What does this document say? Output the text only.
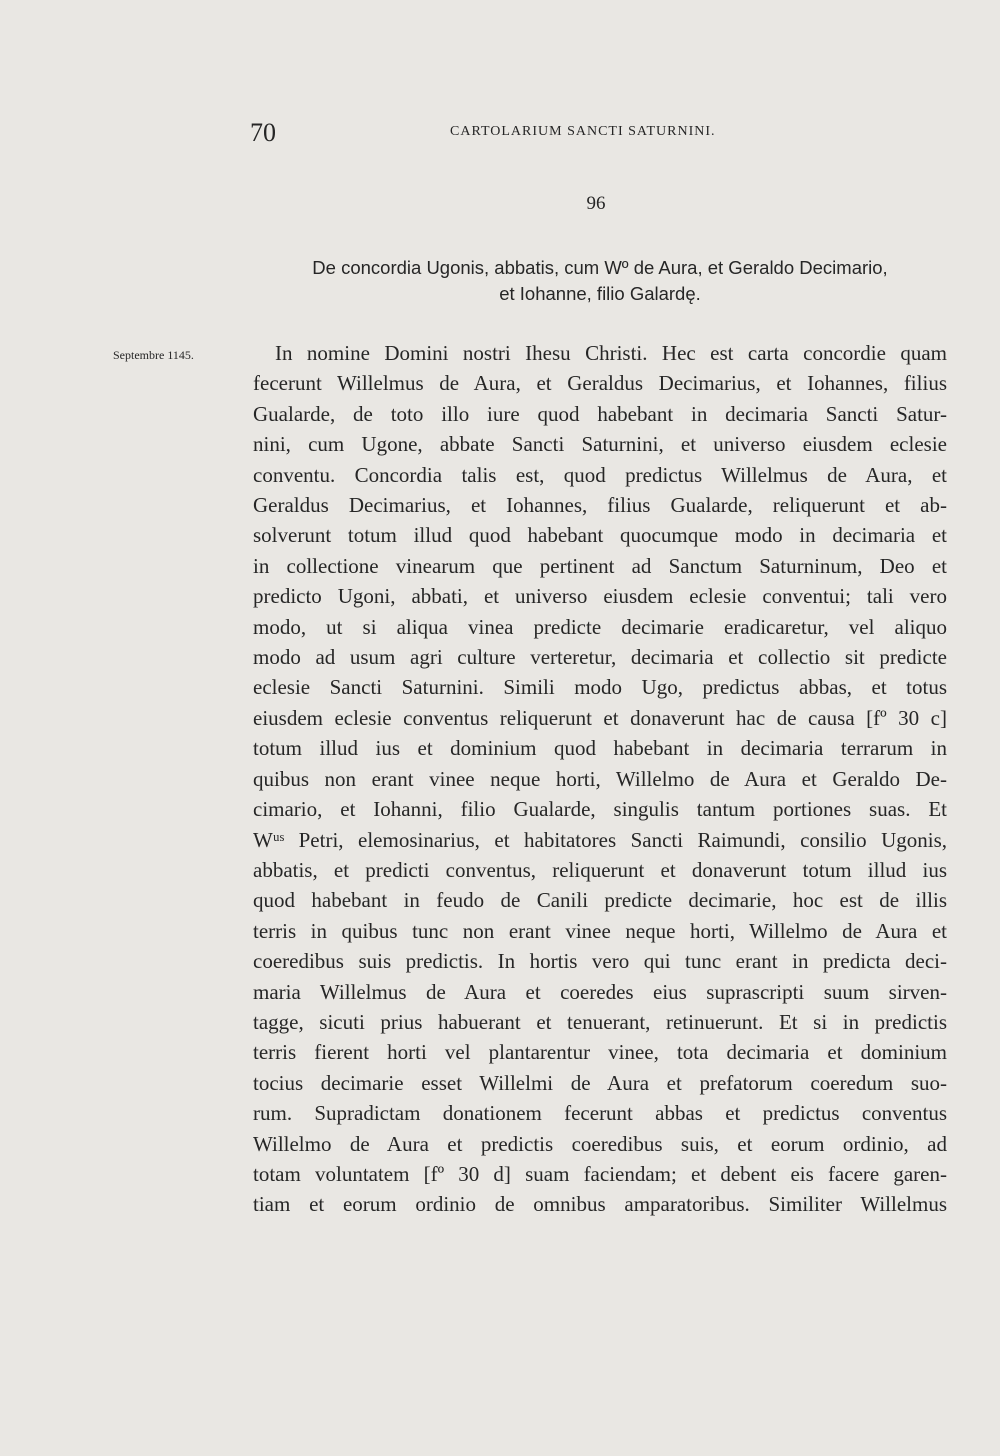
70	CARTOLARIUM SANCTI SATURNINI.
96
De concordia Ugonis, abbatis, cum Wº de Aura, et Geraldo Decimario,
et Iohanne, filio Galardę.
Septembre 1145.	In nomine Domini nostri Ihesu Christi. Hec est carta concordie quam
fecerunt Willelmus de Aura, et Geraldus Decimarius, et Iohannes, filius
Gualarde, de toto illo iure quod habebant in decimaria Sancti Satur-
nini, cum Ugone, abbate Sancti Saturnini, et universo eiusdem eclesie
conventu. Concordia talis est, quod predictus Willelmus de Aura, et
Geraldus Decimarius, et Iohannes, filius Gualarde, reliquerunt et ab-
solverunt totum illud quod habebant quocumque modo in decimaria et
in collectione vinearum que pertinent ad Sanctum Saturninum, Deo et
predicto Ugoni, abbati, et universo eiusdem eclesie conventui; tali vero
modo, ut si aliqua vinea predicte decimarie eradicaretur, vel aliquo
modo ad usum agri culture verteretur, decimaria et collectio sit predicte
eclesie Sancti Saturnini. Simili modo Ugo, predictus abbas, et totus
eiusdem eclesie conventus reliquerunt et donaverunt hac de causa [fº 30 c]
totum illud ius et dominium quod habebant in decimaria terrarum in
quibus non erant vinee neque horti, Willelmo de Aura et Geraldo De-
cimario, et Iohanni, filio Gualarde, singulis tantum portiones suas. Et
Wᵘˢ Petri, elemosinarius, et habitatores Sancti Raimundi, consilio Ugonis,
abbatis, et predicti conventus, reliquerunt et donaverunt totum illud ius
quod habebant in feudo de Canili predicte decimarie, hoc est de illis
terris in quibus tunc non erant vinee neque horti, Willelmo de Aura et
coeredibus suis predictis. In hortis vero qui tunc erant in predicta deci-
maria Willelmus de Aura et coeredes eius suprascripti suum sirven-
tagge, sicuti prius habuerant et tenuerant, retinuerunt. Et si in predictis
terris fierent horti vel plantarentur vinee, tota decimaria et dominium
tocius decimarie esset Willelmi de Aura et prefatorum coeredum suo-
rum. Supradictam donationem fecerunt abbas et predictus conventus
Willelmo de Aura et predictis coeredibus suis, et eorum ordinio, ad
totam voluntatem [fº 30 d] suam faciendam; et debent eis facere garen-
tiam et eorum ordinio de omnibus amparatoribus. Similiter Willelmus
